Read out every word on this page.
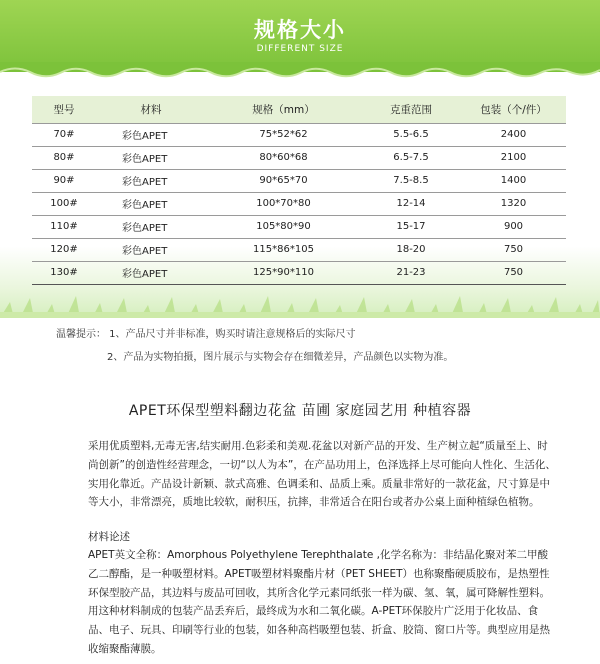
规格大小
DIFFERENT SIZE
型号	材料	规格（mm）	克重范围	包装（个/件）
70#	彩色APET	75*52*62	5.5-6.5	2400
80#	彩色APET	80*60*68	6.5-7.5	2100
90#	彩色APET	90*65*70	7.5-8.5	1400
100#	彩色APET	100*70*80	12-14	1320
110#	彩色APET	105*80*90	15-17	900
120#	彩色APET	115*86*105	18-20	750
130#	彩色APET	125*90*110	21-23	750
温馨提示： 1、产品尺寸并非标准，购买时请注意规格后的实际尺寸
2、产品为实物拍摄，图片展示与实物会存在细微差异，产品颜色以实物为准。
APET环保型塑料翻边花盆 苗圃 家庭园艺用 种植容器
采用优质塑料,无毒无害,结实耐用.色彩柔和美观.花盆以对新产品的开发、生产树立起“质量至上、时尚创新”的创造性经营理念，一切“以人为本”，在产品功用上，色泽选择上尽可能向人性化、生活化、实用化靠近。产品设计新颖、款式高雅、色调柔和、品质上乘。质量非常好的一款花盆，尺寸算是中等大小，非常漂亮，质地比较软，耐积压，抗摔，非常适合在阳台或者办公桌上面种植绿色植物。
材料论述
APET英文全称：Amorphous Polyethylene Terephthalate ,化学名称为：非结晶化聚对苯二甲酸乙二醇酯，是一种吸塑材料。APET吸塑材料聚酯片材（PET SHEET）也称聚酯硬质胶布，是热塑性环保型胶产品，其边料与废品可回收，其所含化学元素同纸张一样为碳、氢、氧，属可降解性塑料。用这种材料制成的包装产品丢弃后，最终成为水和二氧化碳。A-PET环保胶片广泛用于化妆品、食品、电子、玩具、印刷等行业的包装，如各种高档吸塑包装、折盒、胶筒、窗口片等。典型应用是热收缩聚酯薄膜。
